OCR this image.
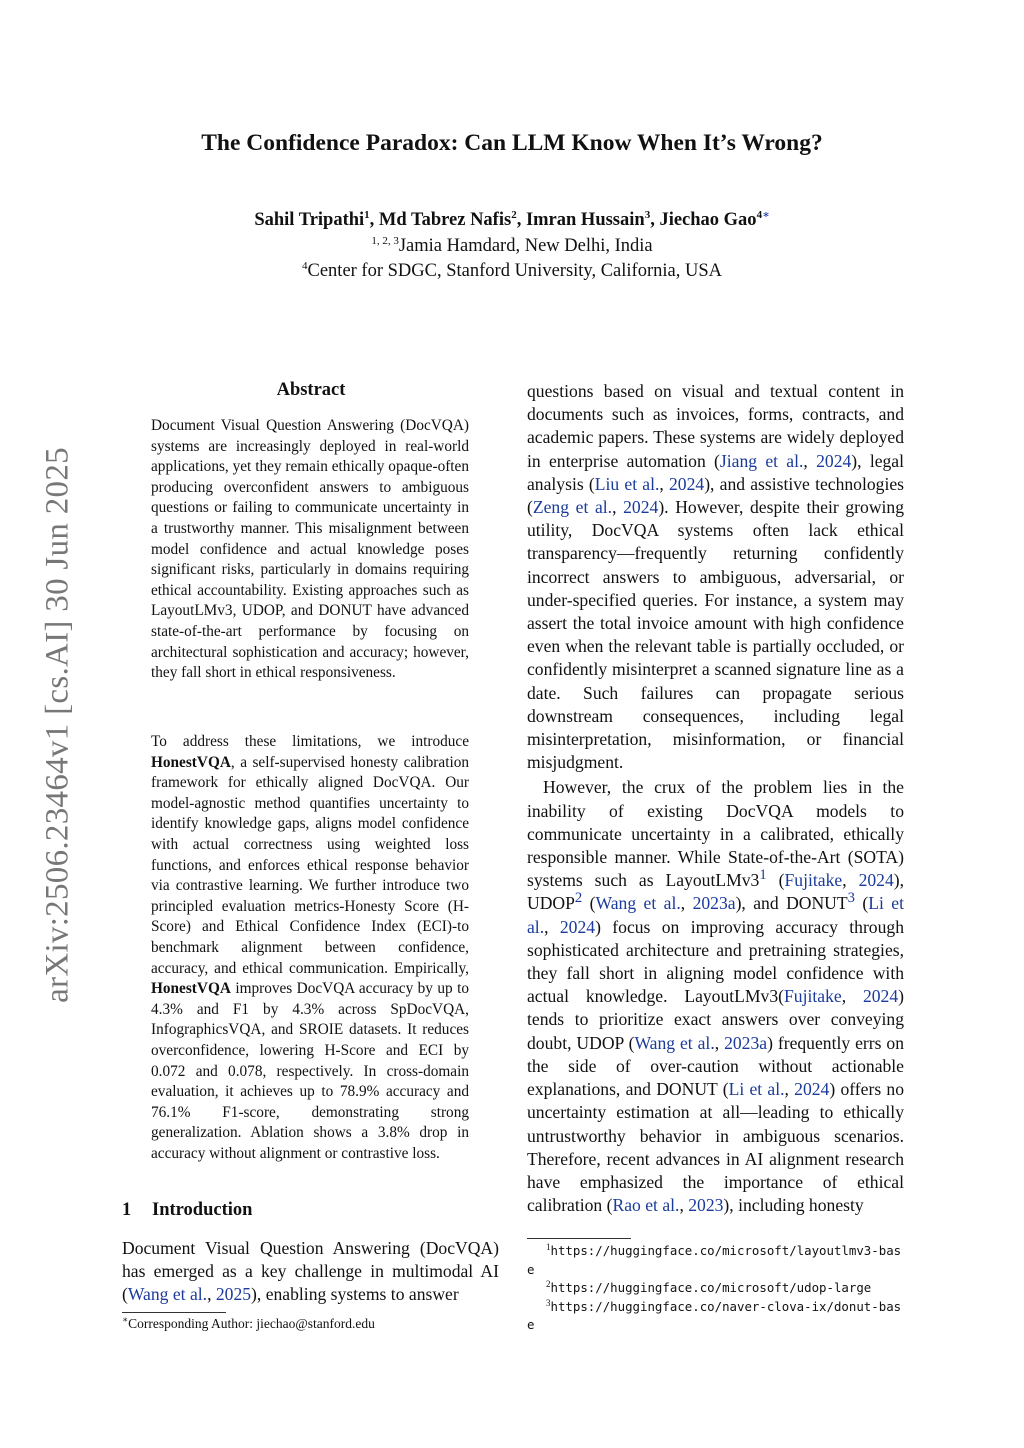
arXiv:2506.23464v1 [cs.AI] 30 Jun 2025
The Confidence Paradox: Can LLM Know When It’s Wrong?
Sahil Tripathi$^1$, Md Tabrez Nafis$^2$, Imran Hussain$^3$, Jiechao Gao$^{4∗}$
$^{1, 2, 3}$Jamia Hamdard, New Delhi, India
$^4$Center for SDGC, Stanford University, California, USA
Abstract

Document Visual Question Answering (DocVQA) systems are increasingly deployed in real-world applications, yet they remain ethically opaque-often producing overconfident answers to ambiguous questions or failing to communicate uncertainty in a trustworthy manner. This misalignment between model confidence and actual knowledge poses significant risks, particularly in domains requiring ethical accountability. Existing approaches such as LayoutLMv3, UDOP, and DONUT have advanced state-of-the-art performance by focusing on architectural sophistication and accuracy; however, they fall short in ethical responsiveness.

To address these limitations, we introduce HonestVQA, a self-supervised honesty calibration framework for ethically aligned DocVQA. Our model-agnostic method quantifies uncertainty to identify knowledge gaps, aligns model confidence with actual correctness using weighted loss functions, and enforces ethical response behavior via contrastive learning. We further introduce two principled evaluation metrics-Honesty Score (H-Score) and Ethical Confidence Index (ECI)-to benchmark alignment between confidence, accuracy, and ethical communication. Empirically, HonestVQA improves DocVQA accuracy by up to 4.3% and F1 by 4.3% across SpDocVQA, InfographicsVQA, and SROIE datasets. It reduces overconfidence, lowering H-Score and ECI by 0.072 and 0.078, respectively. In cross-domain evaluation, it achieves up to 78.9% accuracy and 76.1% F1-score, demonstrating strong generalization. Ablation shows a 3.8% drop in accuracy without alignment or contrastive loss.

1 Introduction
Document Visual Question Answering (DocVQA) has emerged as a key challenge in multimodal AI (Wang et al., 2025), enabling systems to answer
∗Corresponding Author: jiechao@stanford.edu

questions based on visual and textual content in documents such as invoices, forms, contracts, and academic papers. These systems are widely deployed in enterprise automation (Jiang et al., 2024), legal analysis (Liu et al., 2024), and assistive technologies (Zeng et al., 2024). However, despite their growing utility, DocVQA systems often lack ethical transparency—frequently returning confidently incorrect answers to ambiguous, adversarial, or under-specified queries. For instance, a system may assert the total invoice amount with high confidence even when the relevant table is partially occluded, or confidently misinterpret a scanned signature line as a date. Such failures can propagate serious downstream consequences, including legal misinterpretation, misinformation, or financial misjudgment.

However, the crux of the problem lies in the inability of existing DocVQA models to communicate uncertainty in a calibrated, ethically responsible manner. While State-of-the-Art (SOTA) systems such as LayoutLMv3$^1$ (Fujitake, 2024), UDOP$^2$ (Wang et al., 2023a), and DONUT$^3$ (Li et al., 2024) focus on improving accuracy through sophisticated architecture and pretraining strategies, they fall short in aligning model confidence with actual knowledge. LayoutLMv3(Fujitake, 2024) tends to prioritize exact answers over conveying doubt, UDOP (Wang et al., 2023a) frequently errs on the side of over-caution without actionable explanations, and DONUT (Li et al., 2024) offers no uncertainty estimation at all—leading to ethically untrustworthy behavior in ambiguous scenarios. Therefore, recent advances in AI alignment research have emphasized the importance of ethical calibration (Rao et al., 2023), including honesty

$^1$https://huggingface.co/microsoft/layoutlmv3-base
$^2$https://huggingface.co/microsoft/udop-large
$^3$https://huggingface.co/naver-clova-ix/donut-base
